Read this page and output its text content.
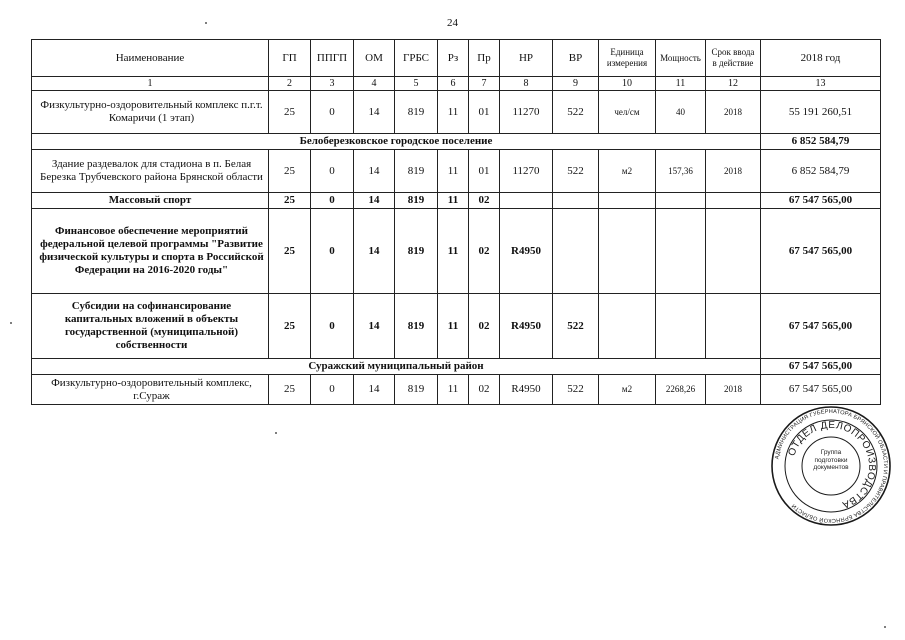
24
Наименование	ГП	ППГП	ОМ	ГРБС	Рз	Пр	НР	ВР	Единица измерения	Мощность	Срок ввода в действие	2018 год
1	2	3	4	5	6	7	8	9	10	11	12	13
Физкультурно-оздоровительный комплекс п.г.т. Комаричи (1 этап)	25	0	14	819	11	01	11270	522	чел/см	40	2018	55 191 260,51
Белоберезковское городское поселение												6 852 584,79
Здание раздевалок для стадиона в п. Белая Березка Трубчевского района Брянской области	25	0	14	819	11	01	11270	522	м2	157,36	2018	6 852 584,79
Массовый спорт	25	0	14	819	11	02						67 547 565,00
Финансовое обеспечение мероприятий федеральной целевой программы "Развитие физической культуры и спорта в Российской Федерации на 2016-2020 годы"	25	0	14	819	11	02	R4950					67 547 565,00
Субсидии на софинансирование капитальных вложений в объекты государственной (муниципальной) собственности	25	0	14	819	11	02	R4950	522				67 547 565,00
Суражский муниципальный район												67 547 565,00
Физкультурно-оздоровительный комплекс, г.Сураж	25	0	14	819	11	02	R4950	522	м2	2268,26	2018	67 547 565,00
АДМИНИСТРАЦИЯ ГУБЕРНАТОРА БРЯНСКОЙ ОБЛАСТИ И ПРАВИТЕЛЬСТВА БРЯНСКОЙ ОБЛАСТИ
ОТДЕЛ ДЕЛОПРОИЗВОДСТВА
Группа
подготовки
документов
